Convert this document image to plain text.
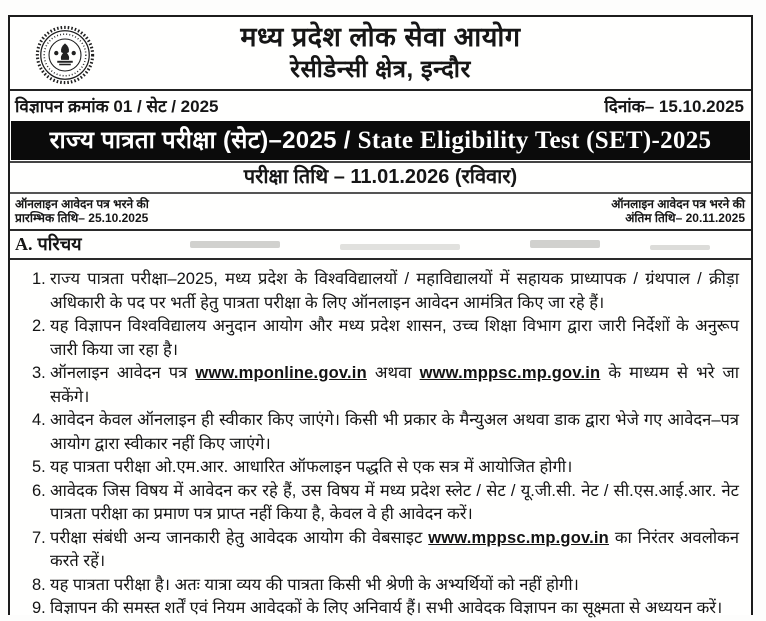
मध्य प्रदेश लोक सेवा आयोग
रेसीडेन्सी क्षेत्र, इन्दौर
विज्ञापन क्रमांक 01 / सेट / 2025	दिनांक– 15.10.2025
राज्य पात्रता परीक्षा (सेट)–2025 / State Eligibility Test (SET)-2025
परीक्षा तिथि – 11.01.2026 (रविवार)
ऑनलाइन आवेदन पत्र भरने की
प्रारम्भिक तिथि– 25.10.2025
ऑनलाइन आवेदन पत्र भरने की
अंतिम तिथि– 20.11.2025
A. परिचय
1. राज्य पात्रता परीक्षा–2025, मध्य प्रदेश के विश्वविद्यालयों / महाविद्यालयों में सहायक प्राध्यापक / ग्रंथपाल / क्रीड़ा अधिकारी के पद पर भर्ती हेतु पात्रता परीक्षा के लिए ऑनलाइन आवेदन आमंत्रित किए जा रहे हैं।
2. यह विज्ञापन विश्वविद्यालय अनुदान आयोग और मध्य प्रदेश शासन, उच्च शिक्षा विभाग द्वारा जारी निर्देशों के अनुरूप जारी किया जा रहा है।
3. ऑनलाइन आवेदन पत्र www.mponline.gov.in अथवा www.mppsc.mp.gov.in के माध्यम से भरे जा सकेंगे।
4. आवेदन केवल ऑनलाइन ही स्वीकार किए जाएंगे। किसी भी प्रकार के मैन्युअल अथवा डाक द्वारा भेजे गए आवेदन–पत्र आयोग द्वारा स्वीकार नहीं किए जाएंगे।
5. यह पात्रता परीक्षा ओ.एम.आर. आधारित ऑफलाइन पद्धति से एक सत्र में आयोजित होगी।
6. आवेदक जिस विषय में आवेदन कर रहे हैं, उस विषय में मध्य प्रदेश स्लेट / सेट / यू.जी.सी. नेट / सी.एस.आई.आर. नेट पात्रता परीक्षा का प्रमाण पत्र प्राप्त नहीं किया है, केवल वे ही आवेदन करें।
7. परीक्षा संबंधी अन्य जानकारी हेतु आवेदक आयोग की वेबसाइट www.mppsc.mp.gov.in का निरंतर अवलोकन करते रहें।
8. यह पात्रता परीक्षा है। अतः यात्रा व्यय की पात्रता किसी भी श्रेणी के अभ्यर्थियों को नहीं होगी।
9. विज्ञापन की समस्त शर्तें एवं नियम आवेदकों के लिए अनिवार्य हैं। सभी आवेदक विज्ञापन का सूक्ष्मता से अध्ययन करें।
